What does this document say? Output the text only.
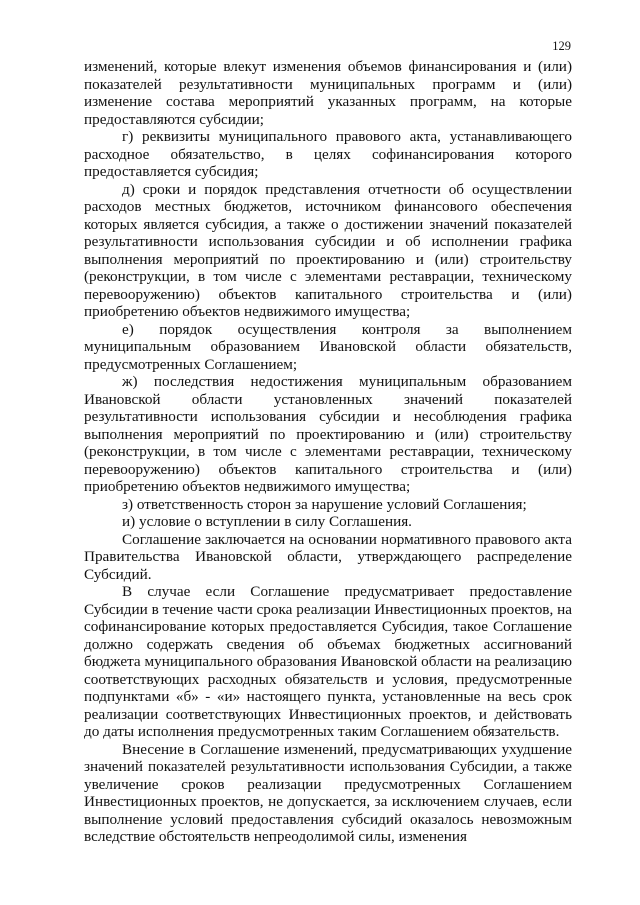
129

изменений, которые влекут изменения объемов финансирования и (или) показателей результативности муниципальных программ и (или) изменение состава мероприятий указанных программ, на которые предоставляются субсидии;

г) реквизиты муниципального правового акта, устанавливающего расходное обязательство, в целях софинансирования которого предоставляется субсидия;

д) сроки и порядок представления отчетности об осуществлении расходов местных бюджетов, источником финансового обеспечения которых является субсидия, а также о достижении значений показателей результативности использования субсидии и об исполнении графика выполнения мероприятий по проектированию и (или) строительству (реконструкции, в том числе с элементами реставрации, техническому перевооружению) объектов капитального строительства и (или) приобретению объектов недвижимого имущества;

е) порядок осуществления контроля за выполнением муниципальным образованием Ивановской области обязательств, предусмотренных Соглашением;

ж) последствия недостижения муниципальным образованием Ивановской области установленных значений показателей результативности использования субсидии и несоблюдения графика выполнения мероприятий по проектированию и (или) строительству (реконструкции, в том числе с элементами реставрации, техническому перевооружению) объектов капитального строительства и (или) приобретению объектов недвижимого имущества;

з) ответственность сторон за нарушение условий Соглашения;

и) условие о вступлении в силу Соглашения.

Соглашение заключается на основании нормативного правового акта Правительства Ивановской области, утверждающего распределение Субсидий.

В случае если Соглашение предусматривает предоставление Субсидии в течение части срока реализации Инвестиционных проектов, на софинансирование которых предоставляется Субсидия, такое Соглашение должно содержать сведения об объемах бюджетных ассигнований бюджета муниципального образования Ивановской области на реализацию соответствующих расходных обязательств и условия, предусмотренные подпунктами «б» - «и» настоящего пункта, установленные на весь срок реализации соответствующих Инвестиционных проектов, и действовать до даты исполнения предусмотренных таким Соглашением обязательств.

Внесение в Соглашение изменений, предусматривающих ухудшение значений показателей результативности использования Субсидии, а также увеличение сроков реализации предусмотренных Соглашением Инвестиционных проектов, не допускается, за исключением случаев, если выполнение условий предоставления субсидий оказалось невозможным вследствие обстоятельств непреодолимой силы, изменения
